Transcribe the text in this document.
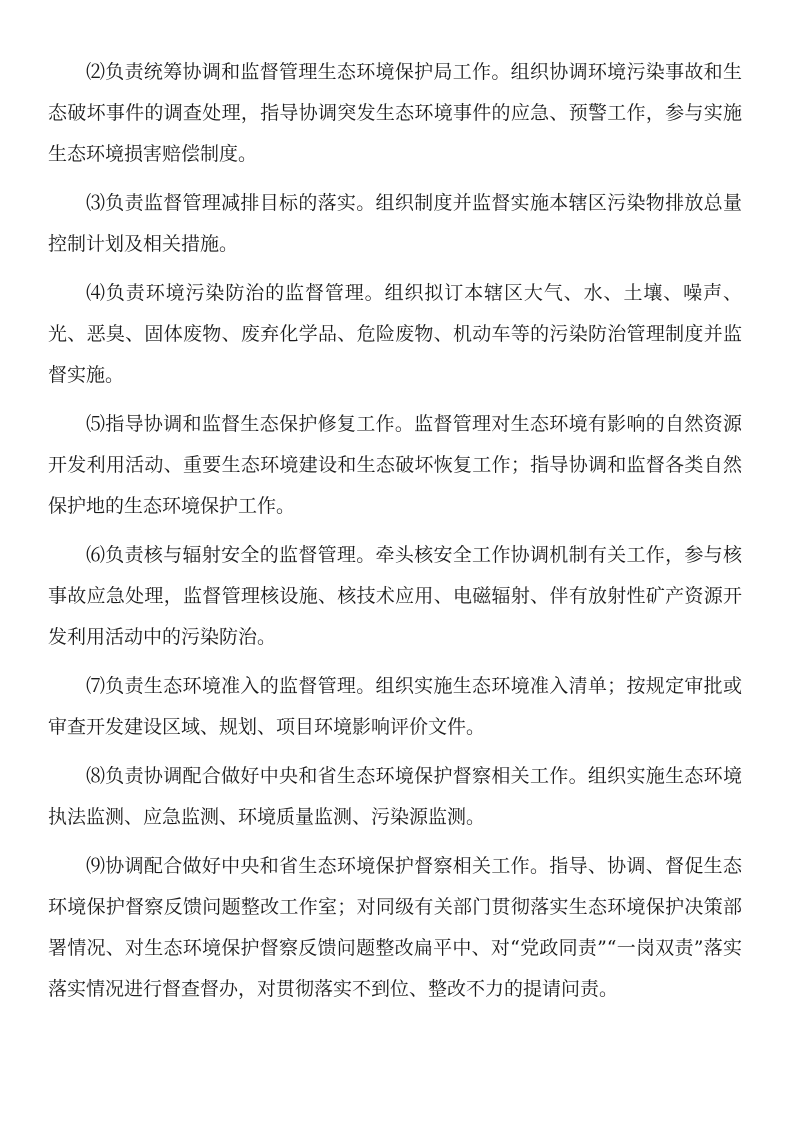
⑵负责统筹协调和监督管理生态环境保护局工作。组织协调环境污染事故和生态破坏事件的调查处理，指导协调突发生态环境事件的应急、预警工作，参与实施生态环境损害赔偿制度。

⑶负责监督管理减排目标的落实。组织制度并监督实施本辖区污染物排放总量控制计划及相关措施。

⑷负责环境污染防治的监督管理。组织拟订本辖区大气、水、土壤、噪声、光、恶臭、固体废物、废弃化学品、危险废物、机动车等的污染防治管理制度并监督实施。

⑸指导协调和监督生态保护修复工作。监督管理对生态环境有影响的自然资源开发利用活动、重要生态环境建设和生态破坏恢复工作；指导协调和监督各类自然保护地的生态环境保护工作。

⑹负责核与辐射安全的监督管理。牵头核安全工作协调机制有关工作，参与核事故应急处理，监督管理核设施、核技术应用、电磁辐射、伴有放射性矿产资源开发利用活动中的污染防治。

⑺负责生态环境准入的监督管理。组织实施生态环境准入清单；按规定审批或审查开发建设区域、规划、项目环境影响评价文件。

⑻负责协调配合做好中央和省生态环境保护督察相关工作。组织实施生态环境执法监测、应急监测、环境质量监测、污染源监测。

⑼协调配合做好中央和省生态环境保护督察相关工作。指导、协调、督促生态环境保护督察反馈问题整改工作室；对同级有关部门贯彻落实生态环境保护决策部署情况、对生态环境保护督察反馈问题整改扁平中、对“党政同责”“一岗双责”落实落实情况进行督查督办，对贯彻落实不到位、整改不力的提请问责。
